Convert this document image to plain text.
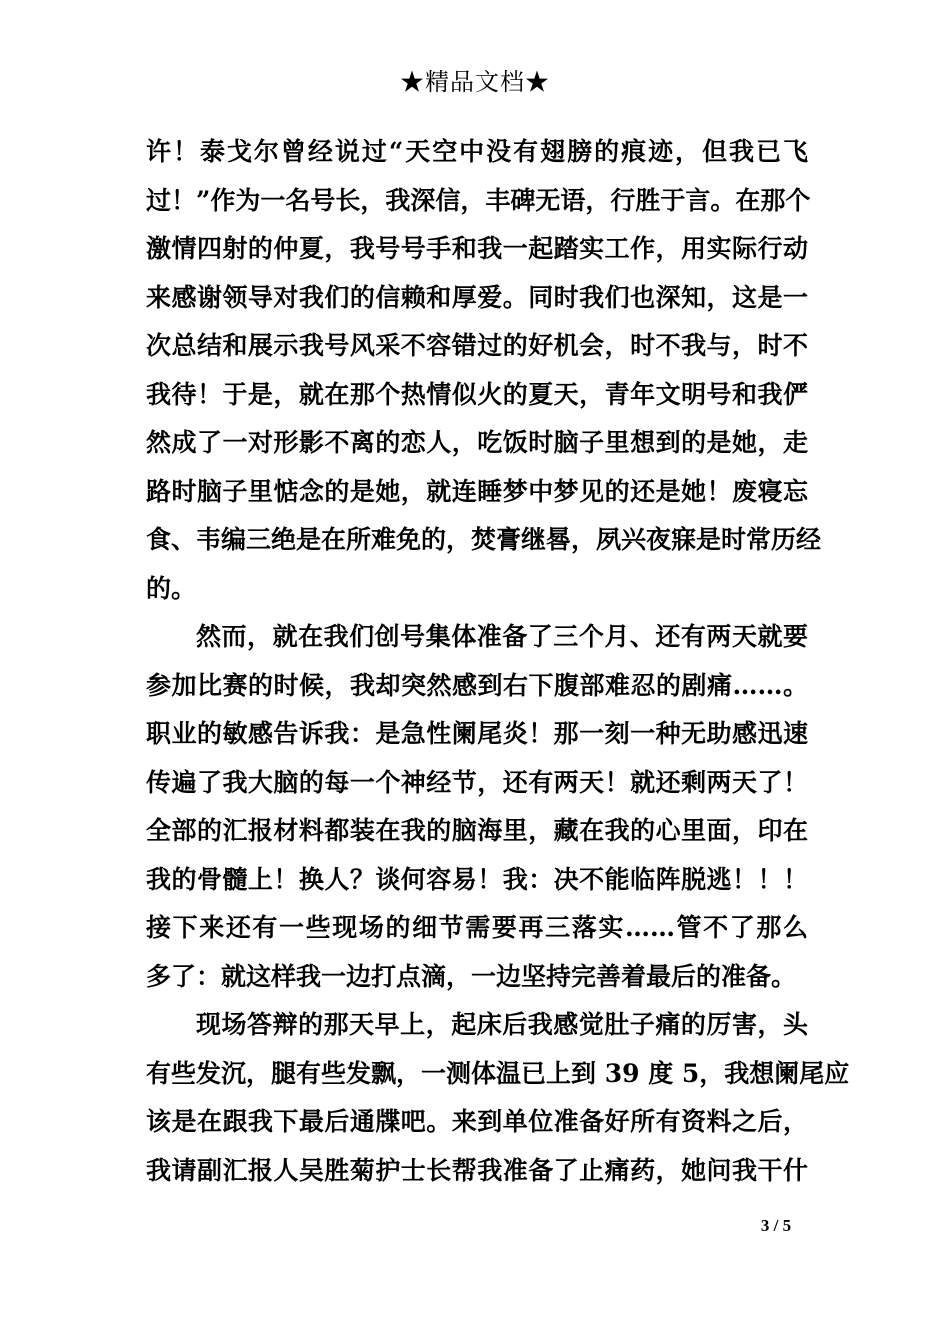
★精品文档★
许！泰戈尔曾经说过“天空中没有翅膀的痕迹，但我已飞
过！”作为一名号长，我深信，丰碑无语，行胜于言。在那个
激情四射的仲夏，我号号手和我一起踏实工作，用实际行动
来感谢领导对我们的信赖和厚爱。同时我们也深知，这是一
次总结和展示我号风采不容错过的好机会，时不我与，时不
我待！于是，就在那个热情似火的夏天，青年文明号和我俨
然成了一对形影不离的恋人，吃饭时脑子里想到的是她，走
路时脑子里惦念的是她，就连睡梦中梦见的还是她！废寝忘
食、韦编三绝是在所难免的，焚膏继晷，夙兴夜寐是时常历经
的。
然而，就在我们创号集体准备了三个月、还有两天就要
参加比赛的时候，我却突然感到右下腹部难忍的剧痛……。
职业的敏感告诉我：是急性阑尾炎！那一刻一种无助感迅速
传遍了我大脑的每一个神经节，还有两天！就还剩两天了！
全部的汇报材料都装在我的脑海里，藏在我的心里面，印在
我的骨髓上！换人？谈何容易！我：决不能临阵脱逃！！！
接下来还有一些现场的细节需要再三落实……管不了那么
多了：就这样我一边打点滴，一边坚持完善着最后的准备。
现场答辩的那天早上，起床后我感觉肚子痛的厉害，头
有些发沉，腿有些发飘，一测体温已上到 39 度 5，我想阑尾应
该是在跟我下最后通牒吧。来到单位准备好所有资料之后，
我请副汇报人吴胜菊护士长帮我准备了止痛药，她问我干什
3 / 5
